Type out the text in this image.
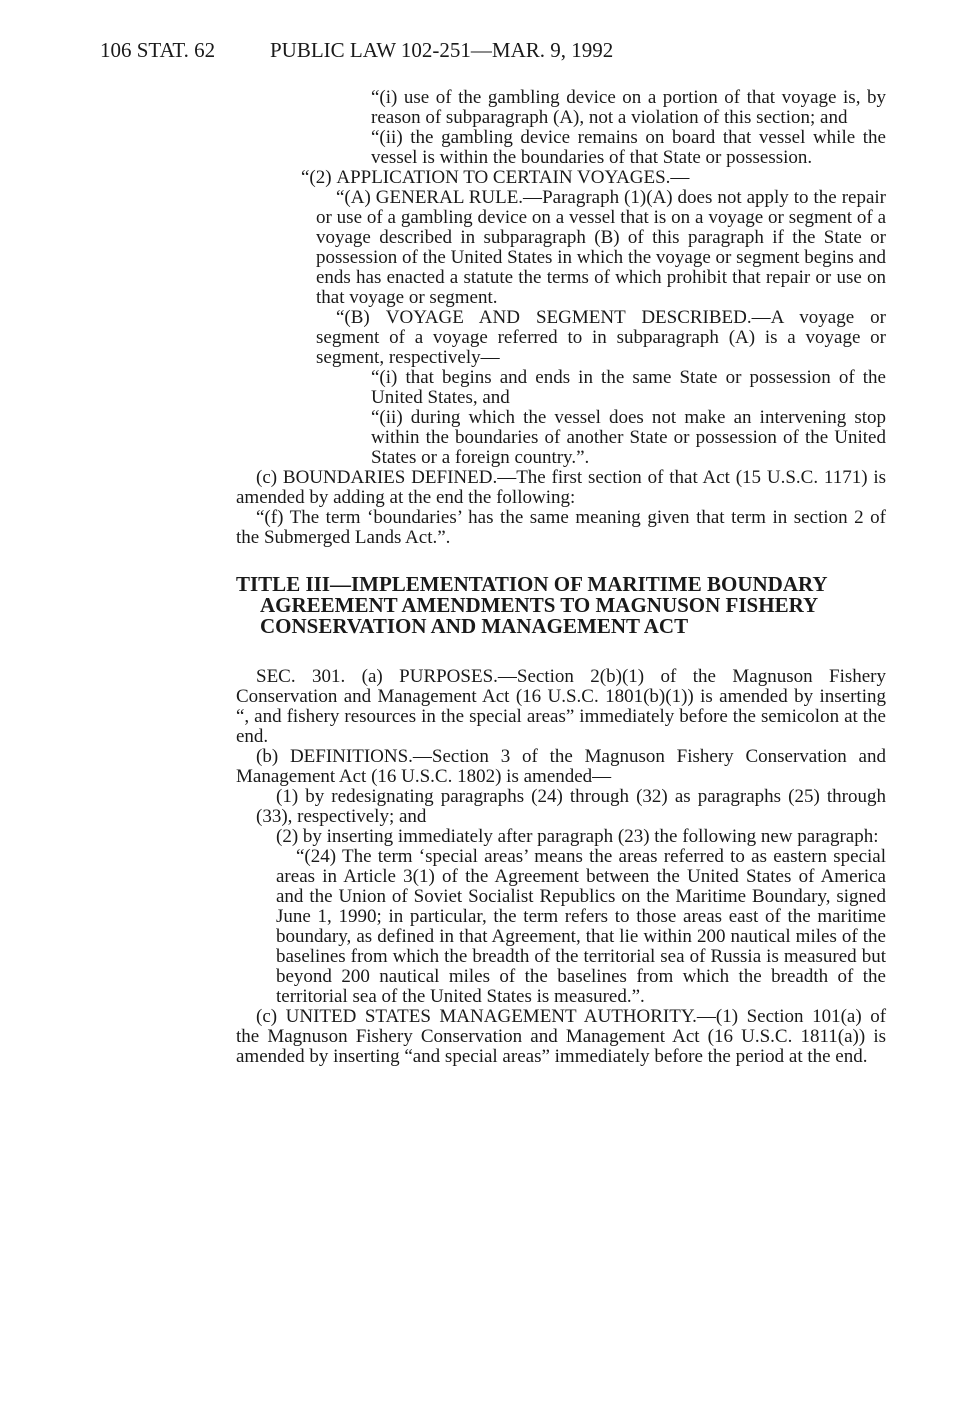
106 STAT. 62	PUBLIC LAW 102-251—MAR. 9, 1992

“(i) use of the gambling device on a portion of that voyage is, by reason of subparagraph (A), not a violation of this section; and

“(ii) the gambling device remains on board that vessel while the vessel is within the boundaries of that State or possession.

“(2) APPLICATION TO CERTAIN VOYAGES.—

“(A) GENERAL RULE.—Paragraph (1)(A) does not apply to the repair or use of a gambling device on a vessel that is on a voyage or segment of a voyage described in subparagraph (B) of this paragraph if the State or possession of the United States in which the voyage or segment begins and ends has enacted a statute the terms of which prohibit that repair or use on that voyage or segment.

“(B) VOYAGE AND SEGMENT DESCRIBED.—A voyage or segment of a voyage referred to in subparagraph (A) is a voyage or segment, respectively—

“(i) that begins and ends in the same State or possession of the United States, and

“(ii) during which the vessel does not make an intervening stop within the boundaries of another State or possession of the United States or a foreign country.”.

(c) BOUNDARIES DEFINED.—The first section of that Act (15 U.S.C. 1171) is amended by adding at the end the following:

“(f) The term ‘boundaries’ has the same meaning given that term in section 2 of the Submerged Lands Act.”.

TITLE III—IMPLEMENTATION OF MARITIME BOUNDARY
AGREEMENT AMENDMENTS TO MAGNUSON FISHERY
CONSERVATION AND MANAGEMENT ACT

SEC. 301. (a) PURPOSES.—Section 2(b)(1) of the Magnuson Fishery Conservation and Management Act (16 U.S.C. 1801(b)(1)) is amended by inserting “, and fishery resources in the special areas” immediately before the semicolon at the end.

(b) DEFINITIONS.—Section 3 of the Magnuson Fishery Conservation and Management Act (16 U.S.C. 1802) is amended—

(1) by redesignating paragraphs (24) through (32) as paragraphs (25) through (33), respectively; and

(2) by inserting immediately after paragraph (23) the following new paragraph:

“(24) The term ‘special areas’ means the areas referred to as eastern special areas in Article 3(1) of the Agreement between the United States of America and the Union of Soviet Socialist Republics on the Maritime Boundary, signed June 1, 1990; in particular, the term refers to those areas east of the maritime boundary, as defined in that Agreement, that lie within 200 nautical miles of the baselines from which the breadth of the territorial sea of Russia is measured but beyond 200 nautical miles of the baselines from which the breadth of the territorial sea of the United States is measured.”.

(c) UNITED STATES MANAGEMENT AUTHORITY.—(1) Section 101(a) of the Magnuson Fishery Conservation and Management Act (16 U.S.C. 1811(a)) is amended by inserting “and special areas” immediately before the period at the end.
